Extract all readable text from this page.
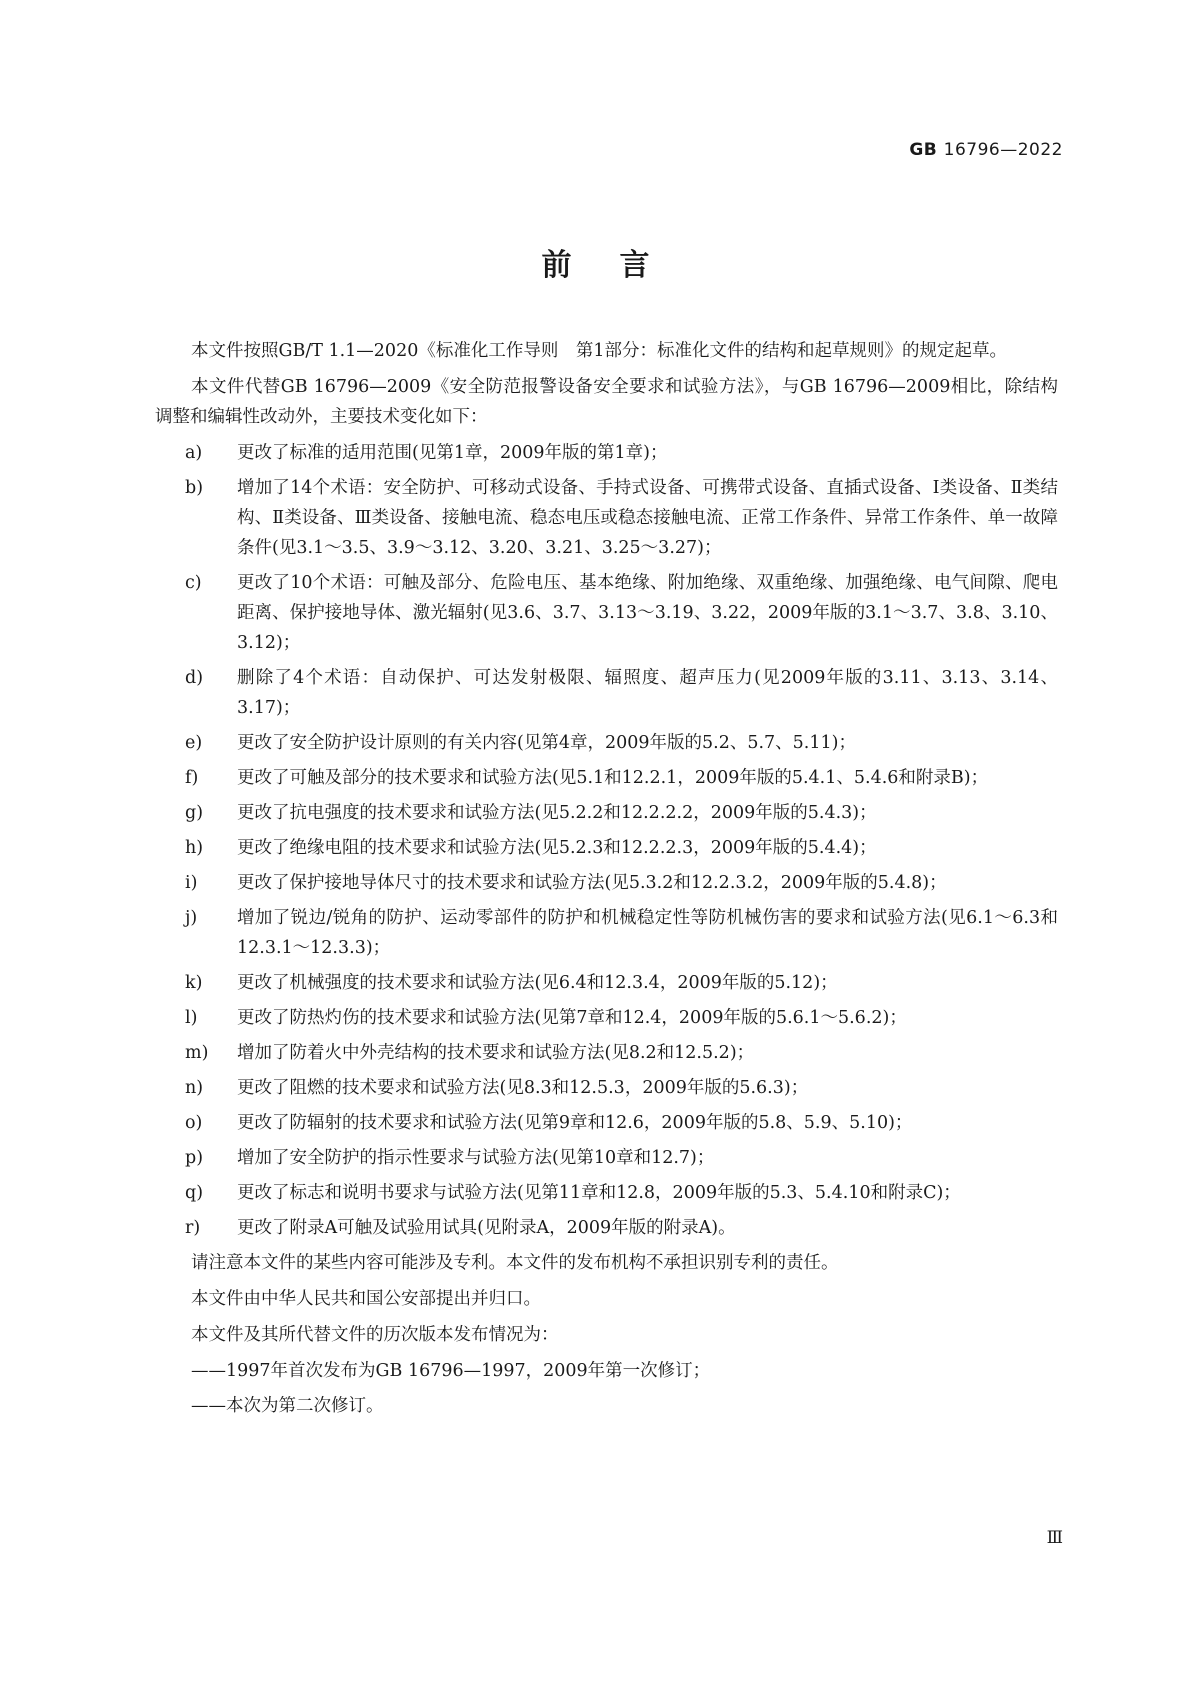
GB 16796—2022
前言

本文件按照GB/T 1.1—2020《标准化工作导则　第1部分：标准化文件的结构和起草规则》的规定起草。

本文件代替GB 16796—2009《安全防范报警设备安全要求和试验方法》，与GB 16796—2009相比，除结构调整和编辑性改动外，主要技术变化如下：

a)	更改了标准的适用范围(见第1章，2009年版的第1章)；
b)	增加了14个术语：安全防护、可移动式设备、手持式设备、可携带式设备、直插式设备、Ⅰ类设备、Ⅱ类结构、Ⅱ类设备、Ⅲ类设备、接触电流、稳态电压或稳态接触电流、正常工作条件、异常工作条件、单一故障条件(见3.1～3.5、3.9～3.12、3.20、3.21、3.25～3.27)；
c)	更改了10个术语：可触及部分、危险电压、基本绝缘、附加绝缘、双重绝缘、加强绝缘、电气间隙、爬电距离、保护接地导体、激光辐射(见3.6、3.7、3.13～3.19、3.22，2009年版的3.1～3.7、3.8、3.10、3.12)；
d)	删除了4个术语：自动保护、可达发射极限、辐照度、超声压力(见2009年版的3.11、3.13、3.14、3.17)；
e)	更改了安全防护设计原则的有关内容(见第4章，2009年版的5.2、5.7、5.11)；
f)	更改了可触及部分的技术要求和试验方法(见5.1和12.2.1，2009年版的5.4.1、5.4.6和附录B)；
g)	更改了抗电强度的技术要求和试验方法(见5.2.2和12.2.2.2，2009年版的5.4.3)；
h)	更改了绝缘电阻的技术要求和试验方法(见5.2.3和12.2.2.3，2009年版的5.4.4)；
i)	更改了保护接地导体尺寸的技术要求和试验方法(见5.3.2和12.2.3.2，2009年版的5.4.8)；
j)	增加了锐边/锐角的防护、运动零部件的防护和机械稳定性等防机械伤害的要求和试验方法(见6.1～6.3和12.3.1～12.3.3)；
k)	更改了机械强度的技术要求和试验方法(见6.4和12.3.4，2009年版的5.12)；
l)	更改了防热灼伤的技术要求和试验方法(见第7章和12.4，2009年版的5.6.1～5.6.2)；
m)	增加了防着火中外壳结构的技术要求和试验方法(见8.2和12.5.2)；
n)	更改了阻燃的技术要求和试验方法(见8.3和12.5.3，2009年版的5.6.3)；
o)	更改了防辐射的技术要求和试验方法(见第9章和12.6，2009年版的5.8、5.9、5.10)；
p)	增加了安全防护的指示性要求与试验方法(见第10章和12.7)；
q)	更改了标志和说明书要求与试验方法(见第11章和12.8，2009年版的5.3、5.4.10和附录C)；
r)	更改了附录A可触及试验用试具(见附录A，2009年版的附录A)。

请注意本文件的某些内容可能涉及专利。本文件的发布机构不承担识别专利的责任。

本文件由中华人民共和国公安部提出并归口。

本文件及其所代替文件的历次版本发布情况为：

——1997年首次发布为GB 16796—1997，2009年第一次修订；
——本次为第二次修订。
Ⅲ
